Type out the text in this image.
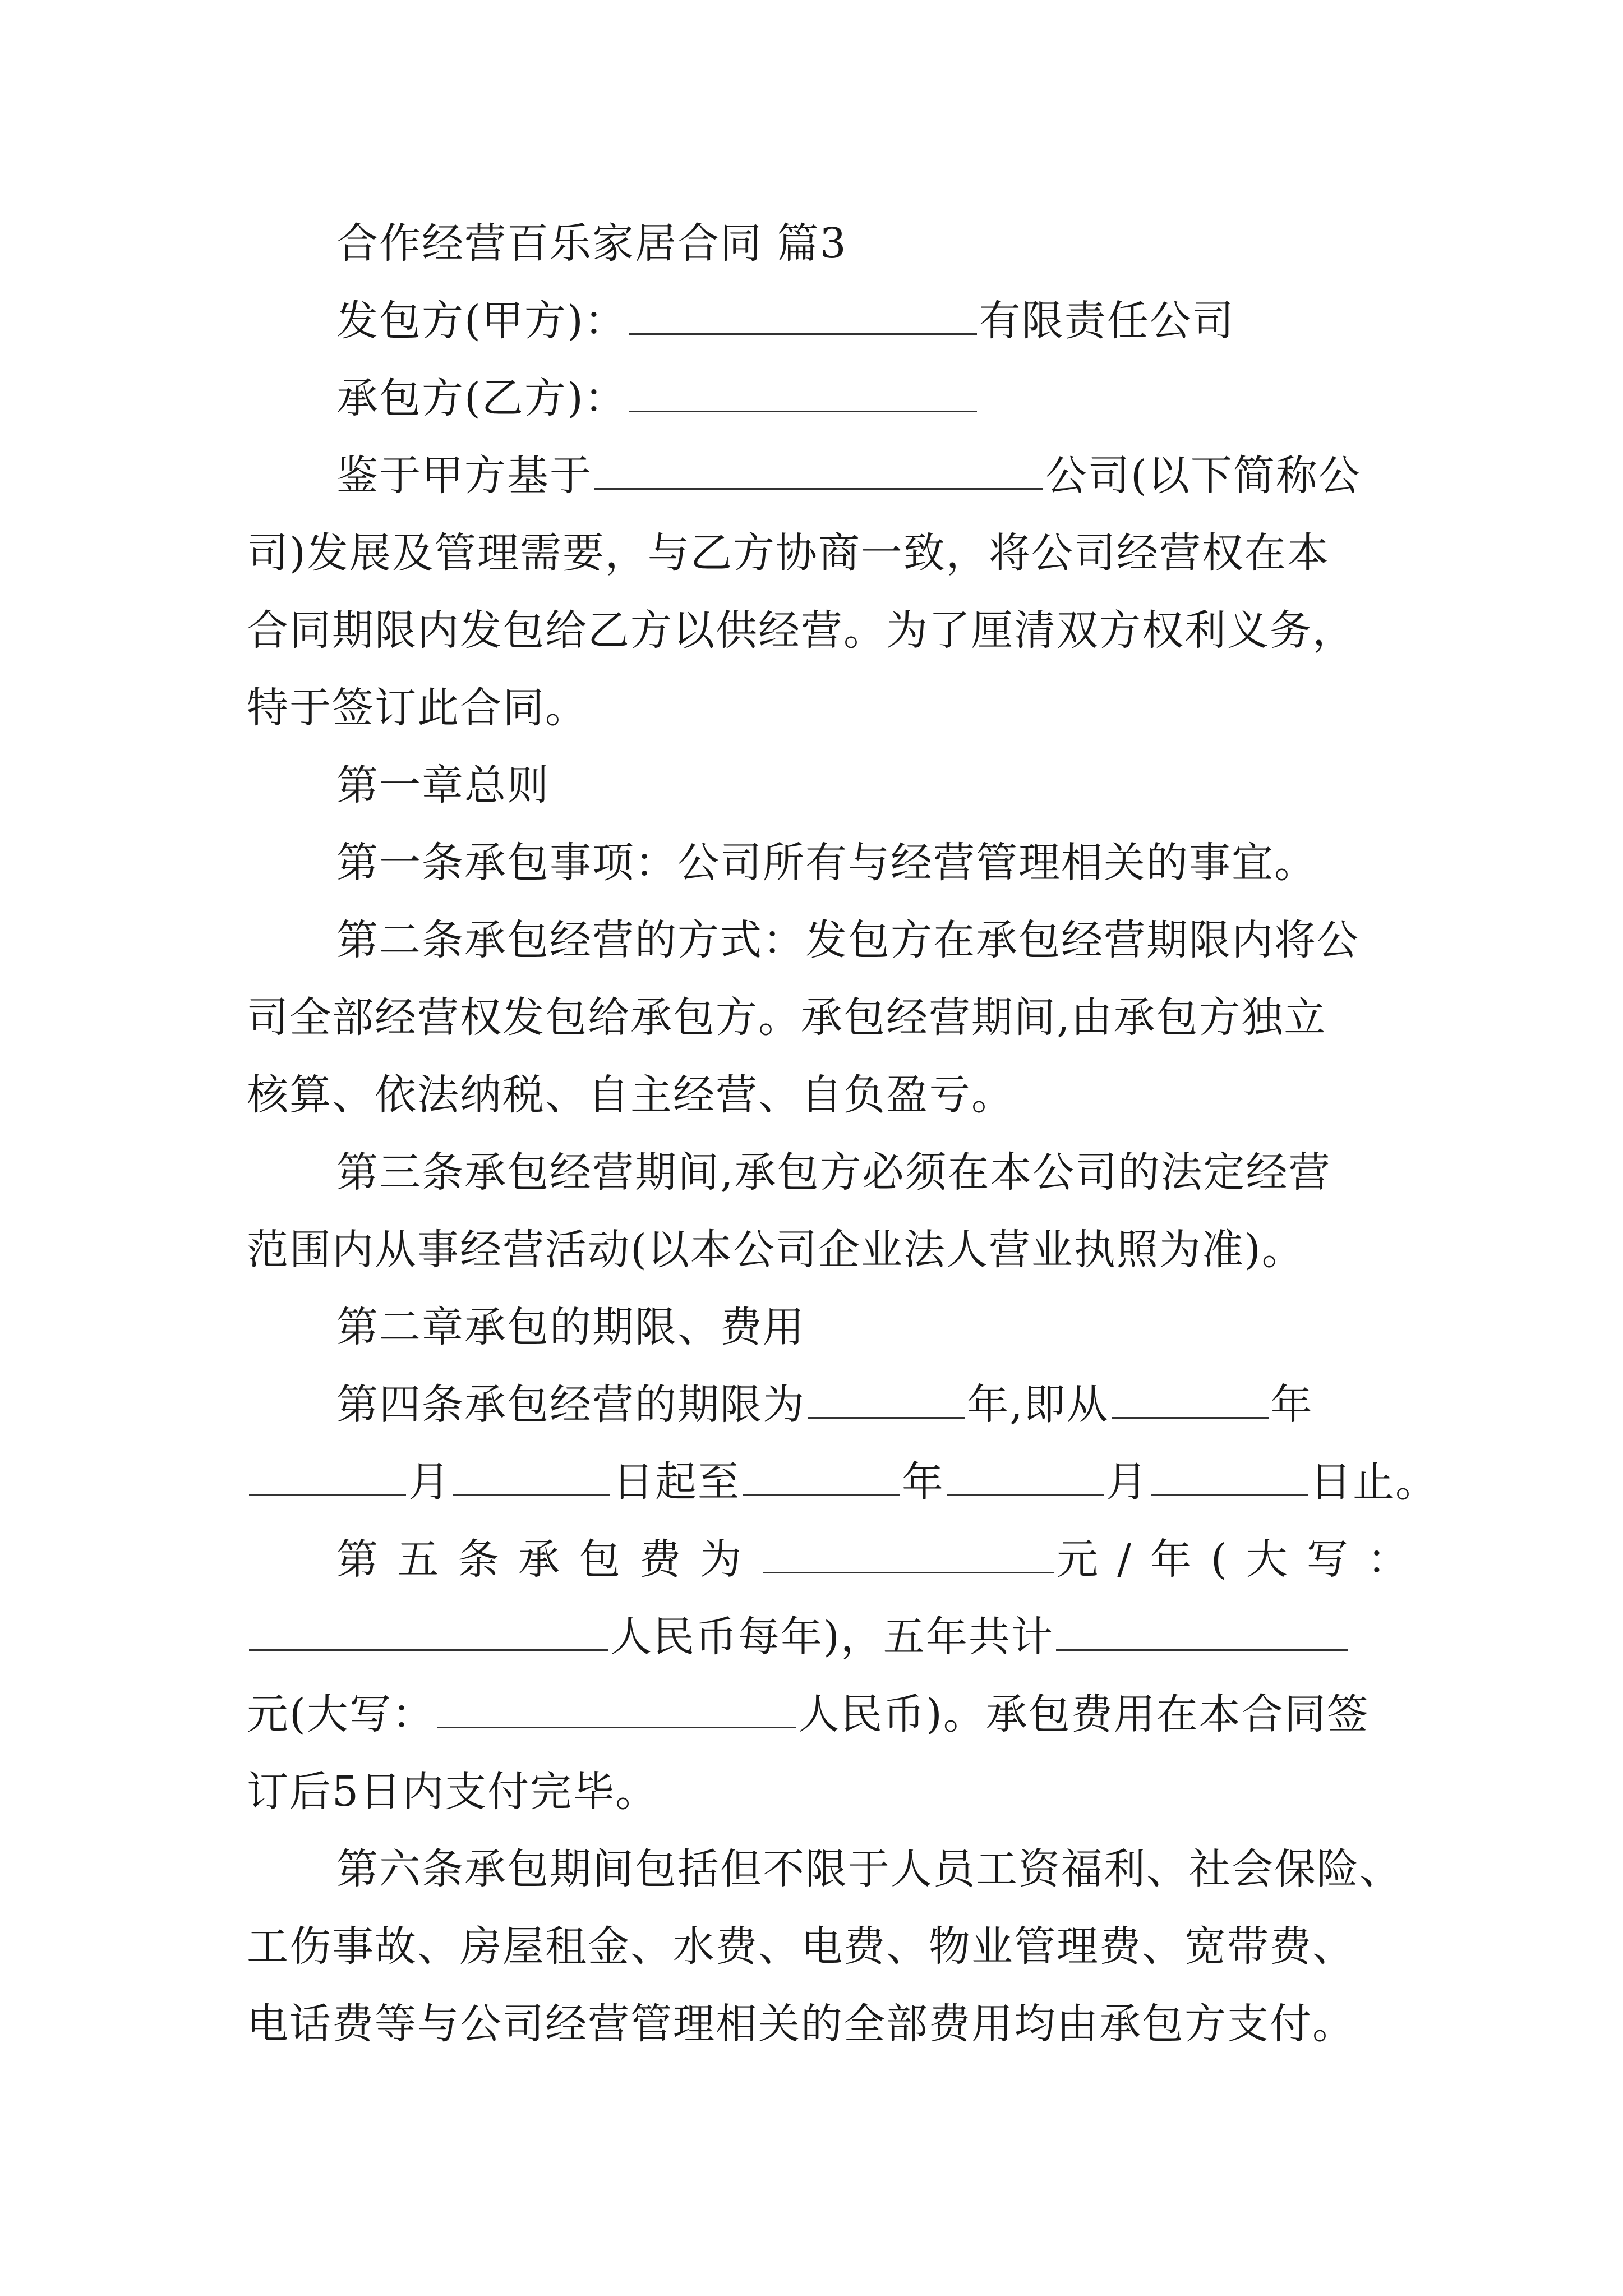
合作经营百乐家居合同 篇3
发包方(甲方)：	有限责任公司
承包方(乙方)：
鉴于甲方基于	公司(以下简称公
司)发展及管理需要，与乙方协商一致，将公司经营权在本
合同期限内发包给乙方以供经营。为了厘清双方权利义务，
特于签订此合同。
第一章总则
第一条承包事项：公司所有与经营管理相关的事宜。
第二条承包经营的方式：发包方在承包经营期限内将公
司全部经营权发包给承包方。承包经营期间,由承包方独立
核算、依法纳税、自主经营、自负盈亏。
第三条承包经营期间,承包方必须在本公司的法定经营
范围内从事经营活动(以本公司企业法人营业执照为准)。
第二章承包的期限、费用
第四条承包经营的期限为	年,即从	年
月	日起至	年	月	日止。
第五条承包费为	元/年(大写：
人民币每年)，五年共计
元(大写：	人民币)。承包费用在本合同签
订后5日内支付完毕。
第六条承包期间包括但不限于人员工资福利、社会保险、
工伤事故、房屋租金、水费、电费、物业管理费、宽带费、
电话费等与公司经营管理相关的全部费用均由承包方支付。
